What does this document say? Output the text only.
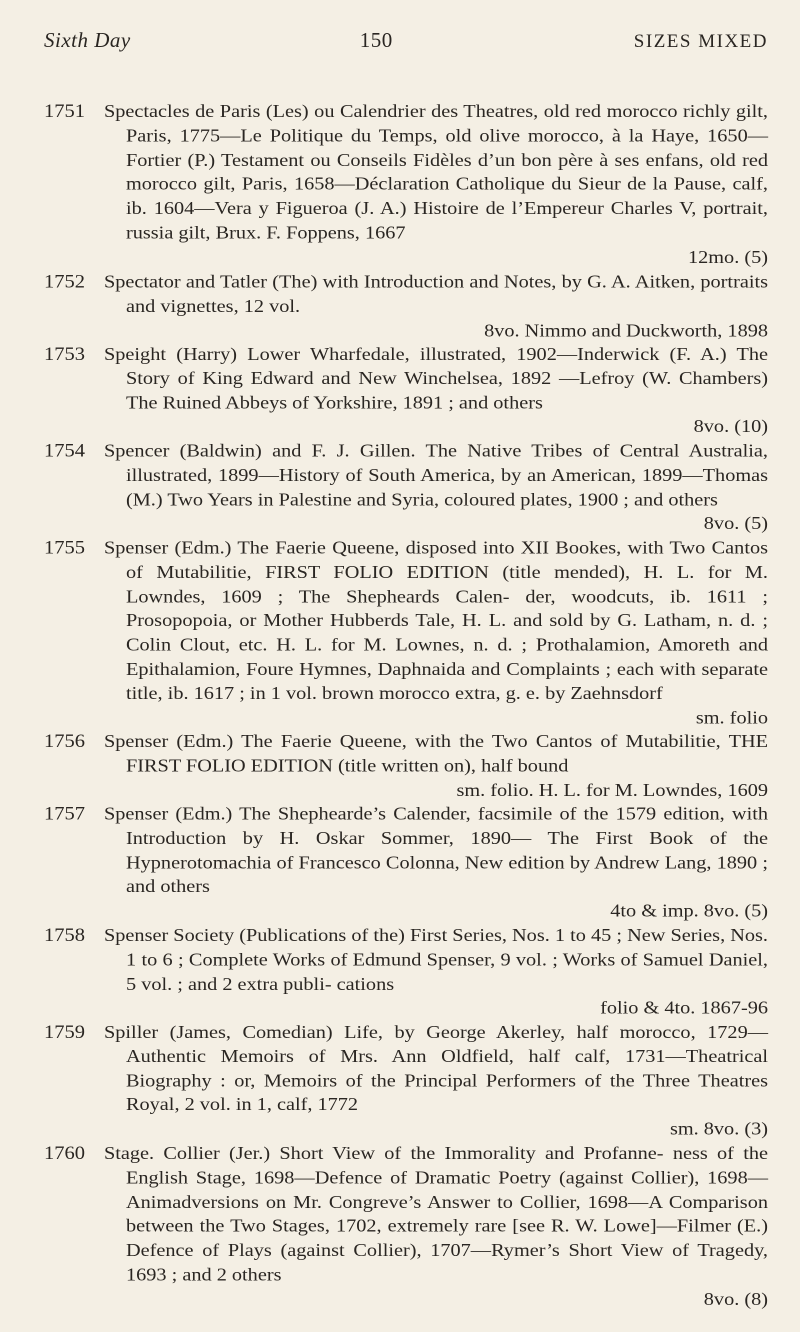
Sixth Day	150	SIZES MIXED
1751 Spectacles de Paris (Les) ou Calendrier des Theatres, old red morocco richly gilt, Paris, 1775—Le Politique du Temps, old olive morocco, à la Haye, 1650—Fortier (P.) Testament ou Conseils Fidèles d’un bon père à ses enfans, old red morocco gilt, Paris, 1658—Déclaration Catholique du Sieur de la Pause, calf, ib. 1604—Vera y Figueroa (J. A.) Histoire de l’Empereur Charles V, portrait, russia gilt, Brux. F. Foppens, 1667
12mo. (5)
1752 Spectator and Tatler (The) with Introduction and Notes, by G. A. Aitken, portraits and vignettes, 12 vol.
8vo. Nimmo and Duckworth, 1898
1753 Speight (Harry) Lower Wharfedale, illustrated, 1902—Inderwick (F. A.) The Story of King Edward and New Winchelsea, 1892 —Lefroy (W. Chambers) The Ruined Abbeys of Yorkshire, 1891 ; and others
8vo. (10)
1754 Spencer (Baldwin) and F. J. Gillen. The Native Tribes of Central Australia, illustrated, 1899—History of South America, by an American, 1899—Thomas (M.) Two Years in Palestine and Syria, coloured plates, 1900 ; and others
8vo. (5)
1755 Spenser (Edm.) The Faerie Queene, disposed into XII Bookes, with Two Cantos of Mutabilitie, FIRST FOLIO EDITION (title mended), H. L. for M. Lowndes, 1609 ; The Shepheards Calen- der, woodcuts, ib. 1611 ; Prosopopoia, or Mother Hubberds Tale, H. L. and sold by G. Latham, n. d. ; Colin Clout, etc. H. L. for M. Lownes, n. d. ; Prothalamion, Amoreth and Epithalamion, Foure Hymnes, Daphnaida and Complaints ; each with separate title, ib. 1617 ; in 1 vol. brown morocco extra, g. e. by Zaehnsdorf
sm. folio
1756 Spenser (Edm.) The Faerie Queene, with the Two Cantos of Mutabilitie, THE FIRST FOLIO EDITION (title written on), half bound
sm. folio. H. L. for M. Lowndes, 1609
1757 Spenser (Edm.) The Shephearde’s Calender, facsimile of the 1579 edition, with Introduction by H. Oskar Sommer, 1890— The First Book of the Hypnerotomachia of Francesco Colonna, New edition by Andrew Lang, 1890 ; and others
4to & imp. 8vo. (5)
1758 Spenser Society (Publications of the) First Series, Nos. 1 to 45 ; New Series, Nos. 1 to 6 ; Complete Works of Edmund Spenser, 9 vol. ; Works of Samuel Daniel, 5 vol. ; and 2 extra publi- cations
folio & 4to. 1867-96
1759 Spiller (James, Comedian) Life, by George Akerley, half morocco, 1729—Authentic Memoirs of Mrs. Ann Oldfield, half calf, 1731—Theatrical Biography : or, Memoirs of the Principal Performers of the Three Theatres Royal, 2 vol. in 1, calf, 1772
sm. 8vo. (3)
1760 Stage. Collier (Jer.) Short View of the Immorality and Profanne- ness of the English Stage, 1698—Defence of Dramatic Poetry (against Collier), 1698—Animadversions on Mr. Congreve’s Answer to Collier, 1698—A Comparison between the Two Stages, 1702, extremely rare [see R. W. Lowe]—Filmer (E.) Defence of Plays (against Collier), 1707—Rymer’s Short View of Tragedy, 1693 ; and 2 others
8vo. (8)
